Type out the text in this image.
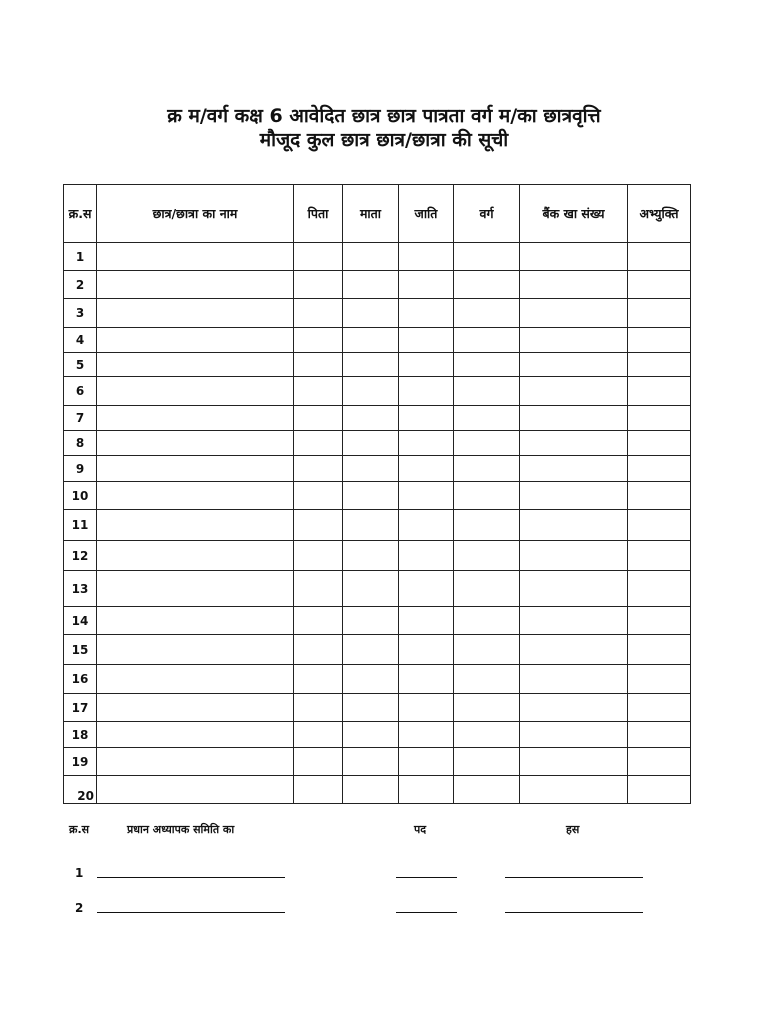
क्र म/वर्ग कक्ष 6 आवेदित छात्र छात्र पात्रता वर्ग म/का छात्रवृत्ति
मौजूद कुल छात्र छात्र/छात्रा की सूची
क्र.स	छात्र/छात्रा का नाम	पिता	माता	जाति	वर्ग	बैंक खा संख्य	अभ्युक्ति
1							
2							
3							
4							
5							
6							
7							
8							
9							
10							
11							
12							
13							
14							
15							
16							
17							
18							
19							
20							
क्र.स	प्रधान अध्यापक समिति का	पद	हस
1
2
